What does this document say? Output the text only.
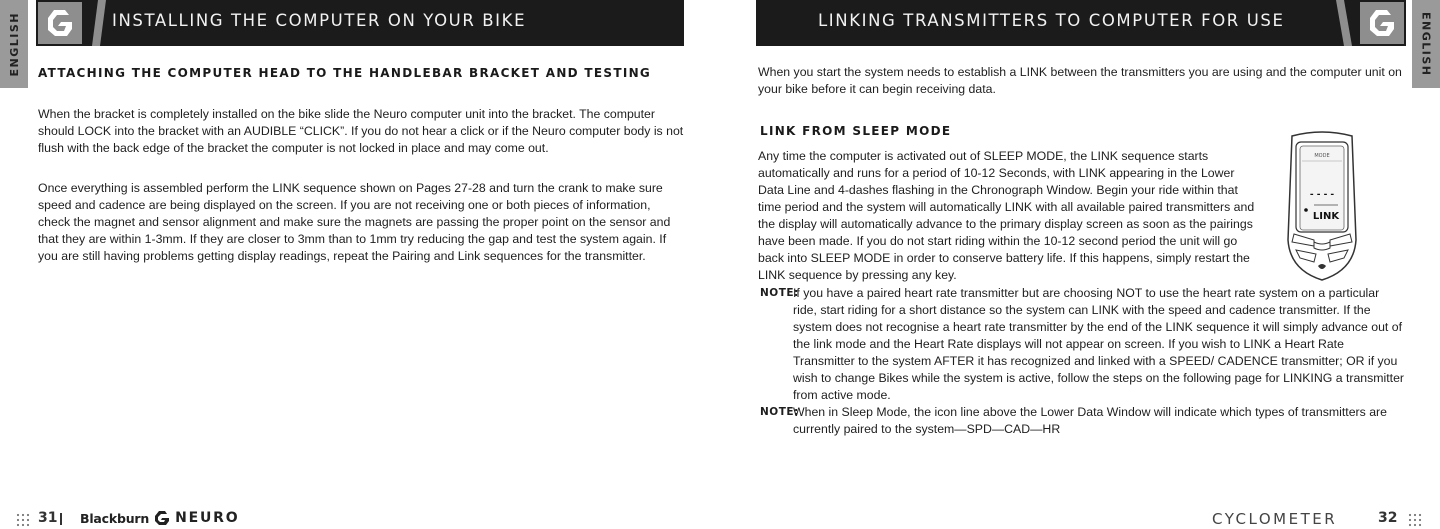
ENGLISH	INSTALLING THE COMPUTER ON YOUR BIKE
ATTACHING THE COMPUTER HEAD TO THE HANDLEBAR BRACKET AND TESTING
When the bracket is completely installed on the bike slide the Neuro computer unit into the bracket. The computer should LOCK into the bracket with an AUDIBLE “CLICK”. If you do not hear a click or if the Neuro computer body is not flush with the back edge of the bracket the computer is not locked in place and may come out.
Once everything is assembled perform the LINK sequence shown on Pages 27-28 and turn the crank to make sure speed and cadence are being displayed on the screen. If you are not receiving one or both pieces of information, check the magnet and sensor alignment and make sure the magnets are passing the proper point on the sensor and that they are within 1-3mm. If they are closer to 3mm than to 1mm try reducing the gap and test the system again. If you are still having problems getting display readings, repeat the Pairing and Link sequences for the transmitter.
31 Blackburn NEURO
LINKING TRANSMITTERS TO COMPUTER FOR USE	ENGLISH
When you start the system needs to establish a LINK between the transmitters you are using and the computer unit on your bike before it can begin receiving data.
LINK FROM SLEEP MODE
Any time the computer is activated out of SLEEP MODE, the LINK sequence starts automatically and runs for a period of 10-12 Seconds, with LINK appearing in the Lower Data Line and 4-dashes flashing in the Chronograph Window. Begin your ride within that time period and the system will automatically LINK with all available paired transmitters and the display will automatically advance to the primary display screen as soon as the pairings have been made. If you do not start riding within the 10-12 second period the unit will go back into SLEEP MODE in order to conserve battery life. If this happens, simply restart the LINK sequence by pressing any key.
MODE
- - - -
LINK
NOTE:
If you have a paired heart rate transmitter but are choosing NOT to use the heart rate system on a particular ride, start riding for a short distance so the system can LINK with the speed and cadence transmitter. If the system does not recognise a heart rate transmitter by the end of the LINK sequence it will simply advance out of the link mode and the Heart Rate displays will not appear on screen. If you wish to LINK a Heart Rate Transmitter to the system AFTER it has recognized and linked with a SPEED/ CADENCE transmitter; OR if you wish to change Bikes while the system is active, follow the steps on the following page for LINKING a transmitter from active mode.
NOTE:
When in Sleep Mode, the icon line above the Lower Data Window will indicate which types of transmitters are currently paired to the system—SPD—CAD—HR
CYCLOMETER	32
